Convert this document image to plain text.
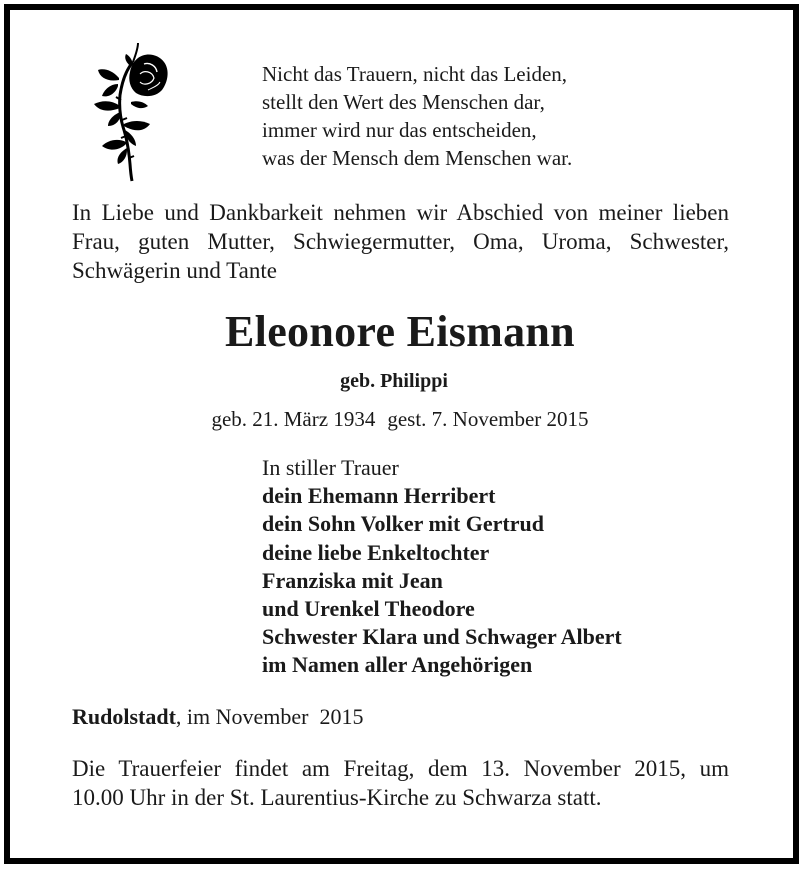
Nicht das Trauern, nicht das Leiden,
stellt den Wert des Menschen dar,
immer wird nur das entscheiden,
was der Mensch dem Menschen war.
In Liebe und Dankbarkeit nehmen wir Abschied von meiner lieben
Frau, guten Mutter, Schwiegermutter, Oma, Uroma, Schwester,
Schwägerin und Tante
Eleonore Eismann
geb. Philippi
geb. 21. März 1934 gest. 7. November 2015
In stiller Trauer
dein Ehemann Herribert
dein Sohn Volker mit Gertrud
deine liebe Enkeltochter
Franziska mit Jean
und Urenkel Theodore
Schwester Klara und Schwager Albert
im Namen aller Angehörigen
Rudolstadt, im November  2015
Die Trauerfeier findet am Freitag, dem 13. November 2015, um
10.00 Uhr in der St. Laurentius-Kirche zu Schwarza statt.
